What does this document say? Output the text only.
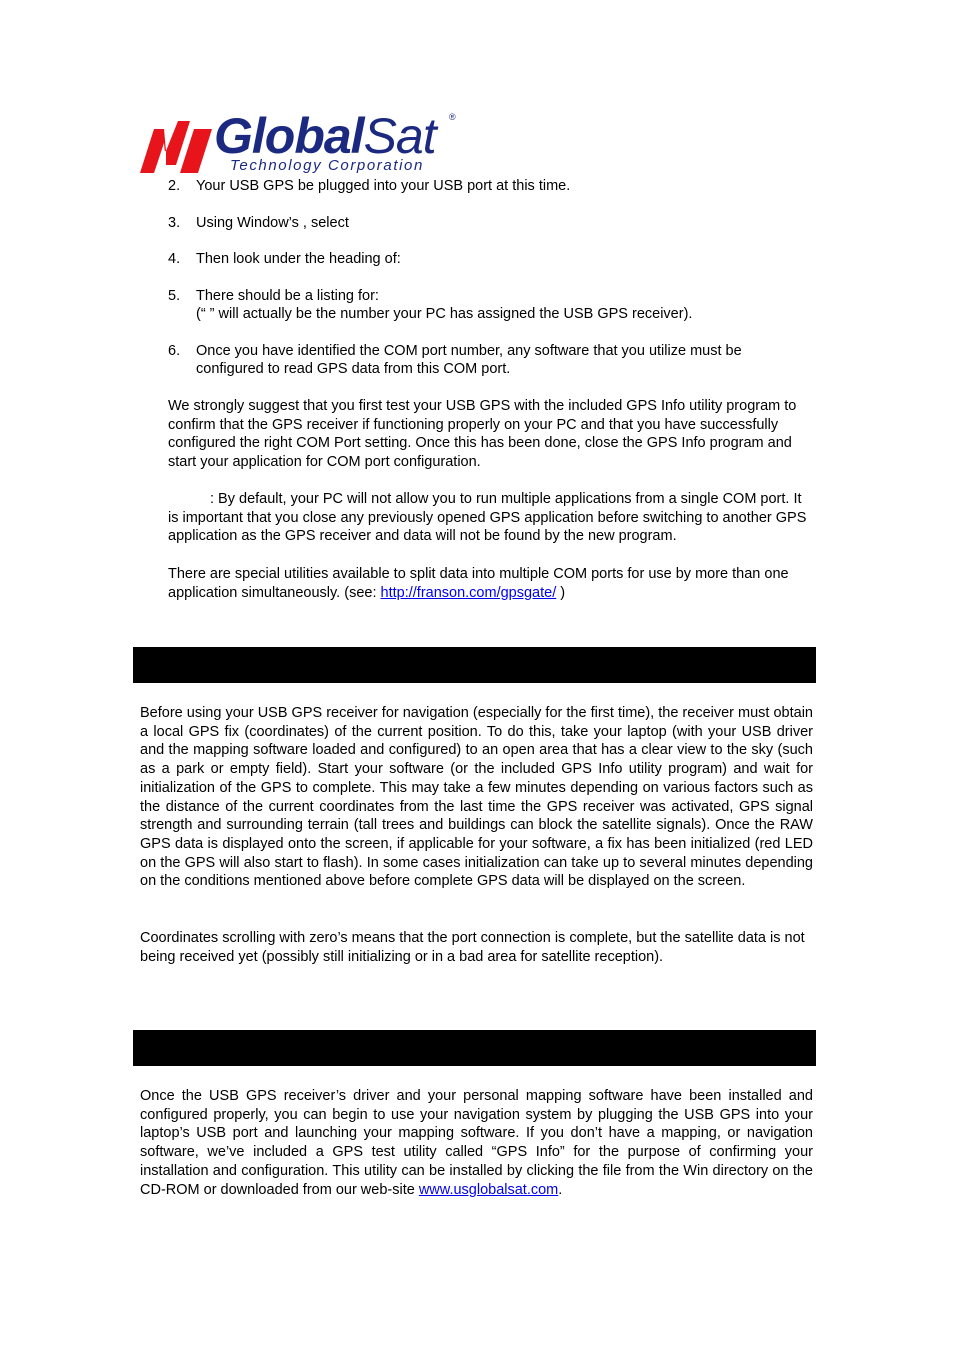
GlobalSat ®
Technology Corporation
2. Your USB GPS be plugged into your USB port at this time.
3. Using Window’s , select
4. Then look under the heading of:
5. There should be a listing for:
(“ ” will actually be the number your PC has assigned the USB GPS receiver).
6. Once you have identified the COM port number, any software that you utilize must be
configured to read GPS data from this COM port.
We strongly suggest that you first test your USB GPS with the included GPS Info utility program to confirm that the GPS receiver if functioning properly on your PC and that you have successfully configured the right COM Port setting. Once this has been done, close the GPS Info program and start your application for COM port configuration.
: By default, your PC will not allow you to run multiple applications from a single COM port. It is important that you close any previously opened GPS application before switching to another GPS application as the GPS receiver and data will not be found by the new program.
There are special utilities available to split data into multiple COM ports for use by more than one application simultaneously. (see: http://franson.com/gpsgate/ )
Before using your USB GPS receiver for navigation (especially for the first time), the receiver must obtain a local GPS fix (coordinates) of the current position. To do this, take your laptop (with your USB driver and the mapping software loaded and configured) to an open area that has a clear view to the sky (such as a park or empty field). Start your software (or the included GPS Info utility program) and wait for initialization of the GPS to complete. This may take a few minutes depending on various factors such as the distance of the current coordinates from the last time the GPS receiver was activated, GPS signal strength and surrounding terrain (tall trees and buildings can block the satellite signals). Once the RAW GPS data is displayed onto the screen, if applicable for your software, a fix has been initialized (red LED on the GPS will also start to flash). In some cases initialization can take up to several minutes depending on the conditions mentioned above before complete GPS data will be displayed on the screen.
Coordinates scrolling with zero’s means that the port connection is complete, but the satellite data is not being received yet (possibly still initializing or in a bad area for satellite reception).
Once the USB GPS receiver’s driver and your personal mapping software have been installed and configured properly, you can begin to use your navigation system by plugging the USB GPS into your laptop’s USB port and launching your mapping software. If you don’t have a mapping, or navigation software, we’ve included a GPS test utility called “GPS Info” for the purpose of confirming your installation and configuration. This utility can be installed by clicking the file from the Win directory on the CD-ROM or downloaded from our web-site www.usglobalsat.com.
